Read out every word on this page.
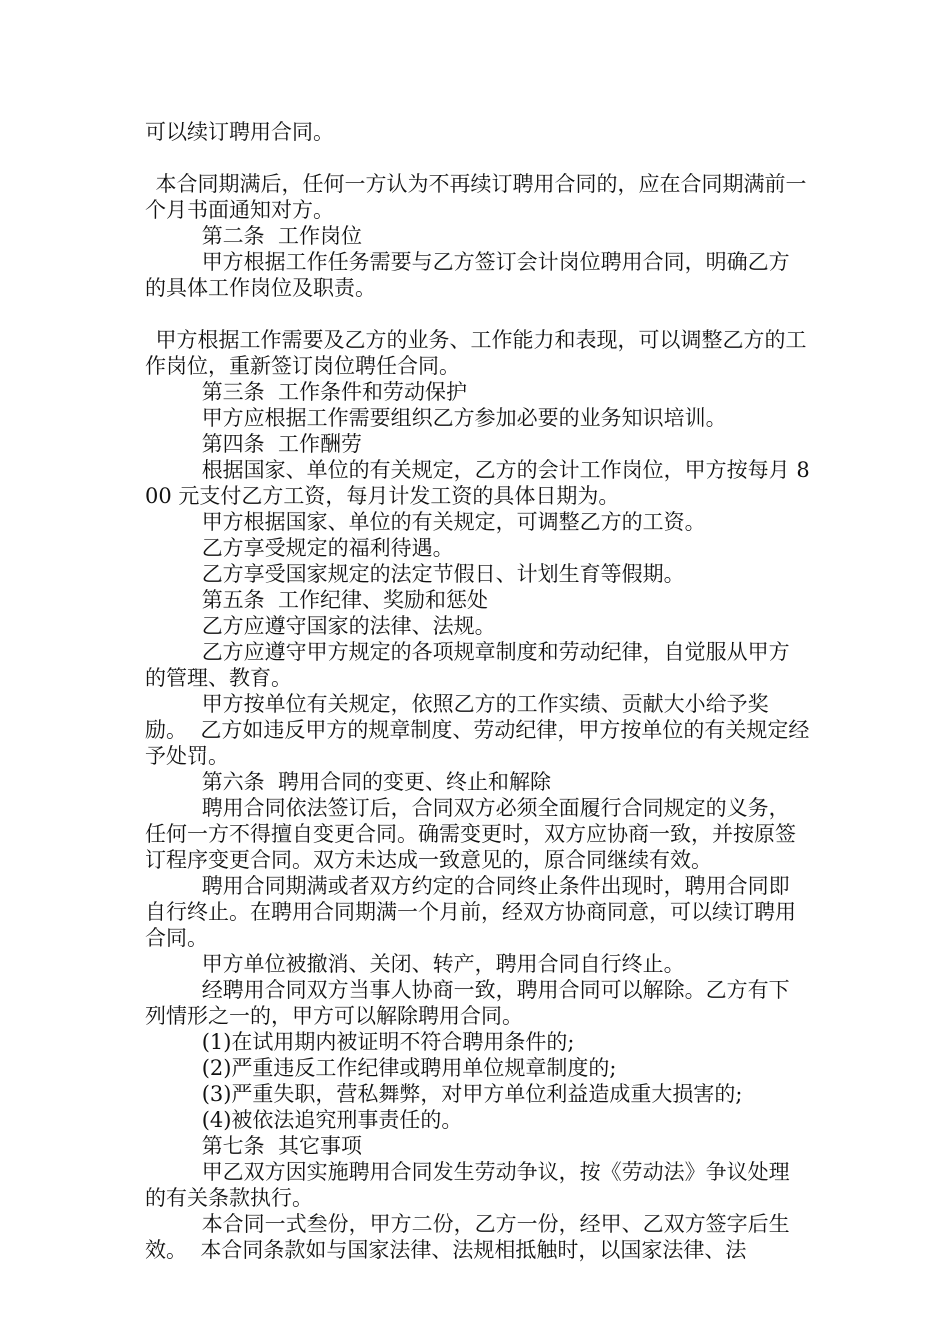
可以续订聘用合同。

本合同期满后，任何一方认为不再续订聘用合同的，应在合同期满前一个月书面通知对方。

第二条  工作岗位

甲方根据工作任务需要与乙方签订会计岗位聘用合同，明确乙方的具体工作岗位及职责。

甲方根据工作需要及乙方的业务、工作能力和表现，可以调整乙方的工作岗位，重新签订岗位聘任合同。

第三条  工作条件和劳动保护

甲方应根据工作需要组织乙方参加必要的业务知识培训。

第四条  工作酬劳

根据国家、单位的有关规定，乙方的会计工作岗位，甲方按每月 800 元支付乙方工资，每月计发工资的具体日期为。

甲方根据国家、单位的有关规定，可调整乙方的工资。

乙方享受规定的福利待遇。

乙方享受国家规定的法定节假日、计划生育等假期。

第五条  工作纪律、奖励和惩处

乙方应遵守国家的法律、法规。

乙方应遵守甲方规定的各项规章制度和劳动纪律，自觉服从甲方的管理、教育。

甲方按单位有关规定，依照乙方的工作实绩、贡献大小给予奖励。  乙方如违反甲方的规章制度、劳动纪律，甲方按单位的有关规定经予处罚。

第六条  聘用合同的变更、终止和解除

聘用合同依法签订后，合同双方必须全面履行合同规定的义务，任何一方不得擅自变更合同。确需变更时，双方应协商一致，并按原签订程序变更合同。双方未达成一致意见的，原合同继续有效。

聘用合同期满或者双方约定的合同终止条件出现时，聘用合同即自行终止。在聘用合同期满一个月前，经双方协商同意，可以续订聘用合同。

甲方单位被撤消、关闭、转产，聘用合同自行终止。

经聘用合同双方当事人协商一致，聘用合同可以解除。乙方有下列情形之一的，甲方可以解除聘用合同。

(1)在试用期内被证明不符合聘用条件的;

(2)严重违反工作纪律或聘用单位规章制度的;

(3)严重失职，营私舞弊，对甲方单位利益造成重大损害的;

(4)被依法追究刑事责任的。

第七条  其它事项

甲乙双方因实施聘用合同发生劳动争议，按《劳动法》争议处理的有关条款执行。

本合同一式叁份，甲方二份，乙方一份，经甲、乙双方签字后生效。  本合同条款如与国家法律、法规相抵触时，以国家法律、法
